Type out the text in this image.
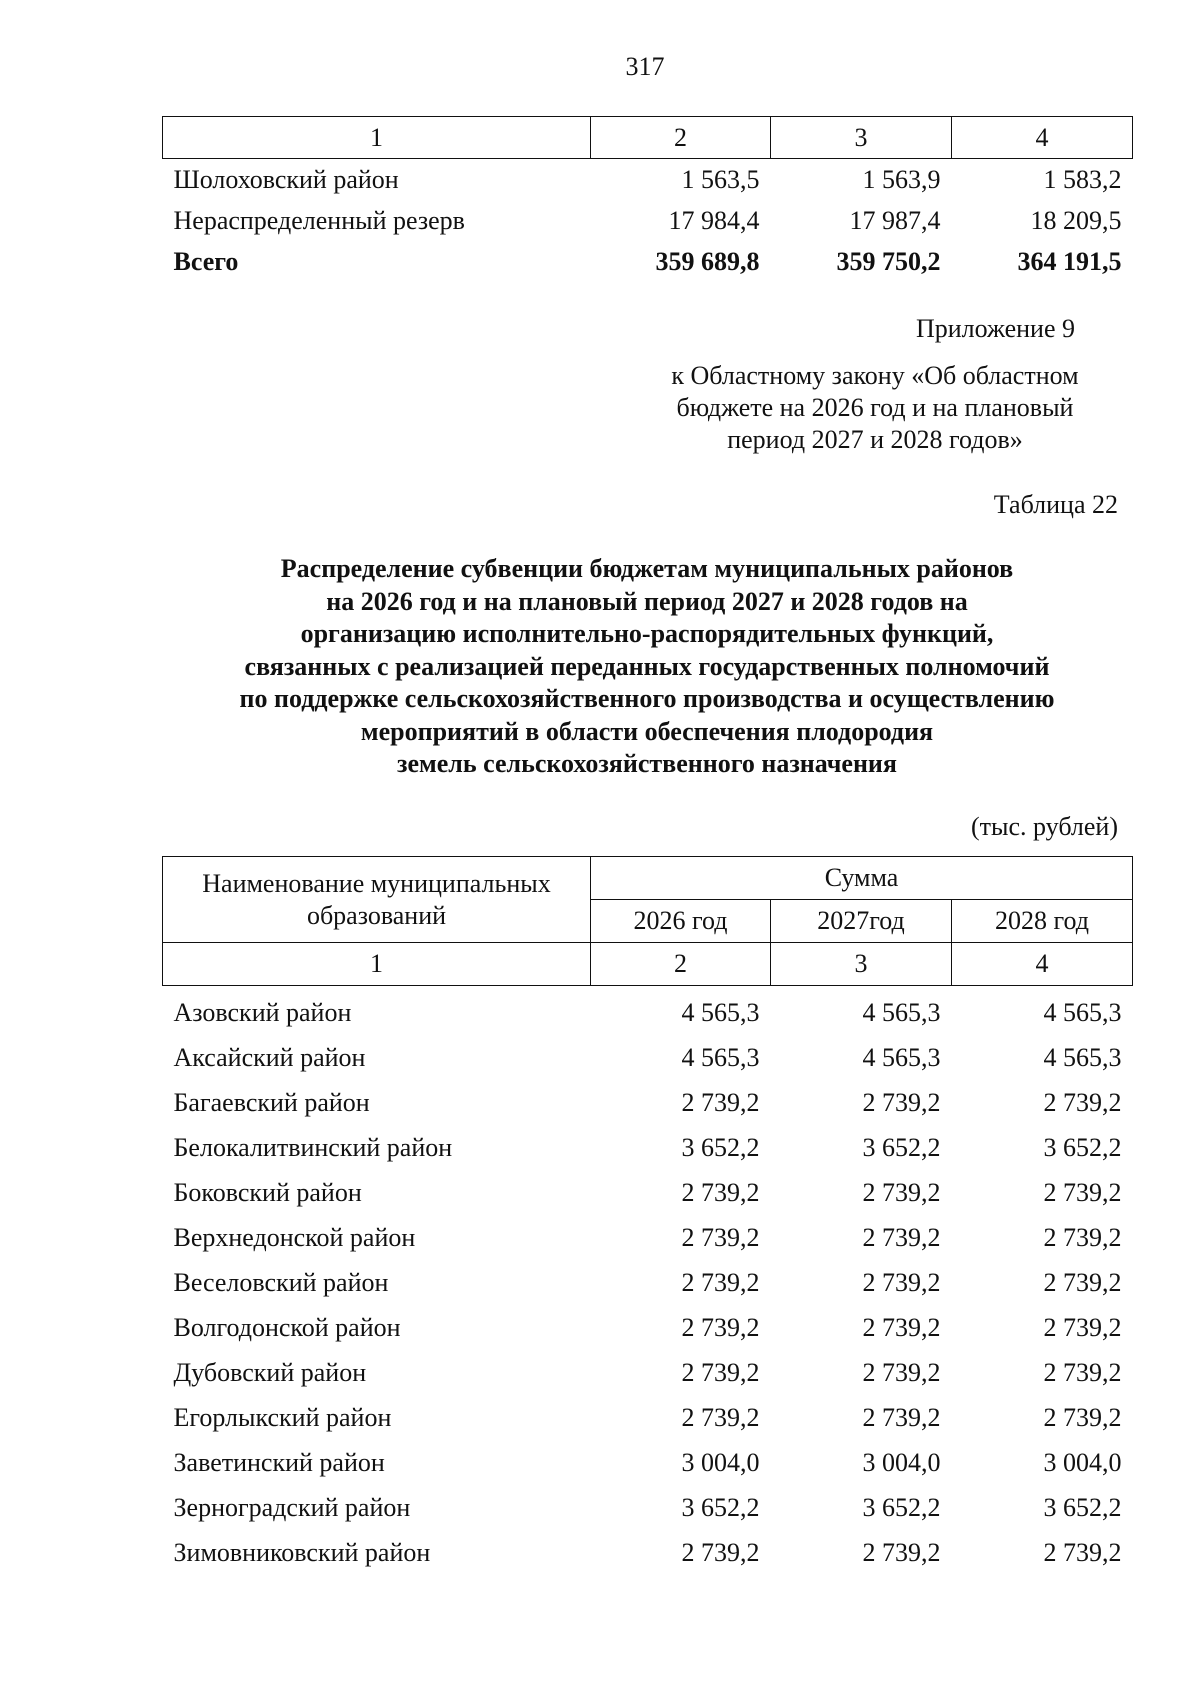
317
1	2	3	4
Шолоховский район	1 563,5	1 563,9	1 583,2
Нераспределенный резерв	17 984,4	17 987,4	18 209,5
Всего	359 689,8	359 750,2	364 191,5
Приложение 9
к Областному закону «Об областном
бюджете на 2026 год и на плановый
период 2027 и 2028 годов»
Таблица 22
Распределение субвенции бюджетам муниципальных районов
на 2026 год и на плановый период 2027 и 2028 годов на
организацию исполнительно-распорядительных функций,
связанных с реализацией переданных государственных полномочий
по поддержке сельскохозяйственного производства и осуществлению
мероприятий в области обеспечения плодородия
земель сельскохозяйственного назначения
(тыс. рублей)
Наименование муниципальных
образований	Сумма		
	2026 год	2027год	2028 год
1	2	3	4

Азовский район	4 565,3	4 565,3	4 565,3
Аксайский район	4 565,3	4 565,3	4 565,3
Багаевский район	2 739,2	2 739,2	2 739,2
Белокалитвинский район	3 652,2	3 652,2	3 652,2
Боковский район	2 739,2	2 739,2	2 739,2
Верхнедонской район	2 739,2	2 739,2	2 739,2
Веселовский район	2 739,2	2 739,2	2 739,2
Волгодонской район	2 739,2	2 739,2	2 739,2
Дубовский район	2 739,2	2 739,2	2 739,2
Егорлыкский район	2 739,2	2 739,2	2 739,2
Заветинский район	3 004,0	3 004,0	3 004,0
Зерноградский район	3 652,2	3 652,2	3 652,2
Зимовниковский район	2 739,2	2 739,2	2 739,2
